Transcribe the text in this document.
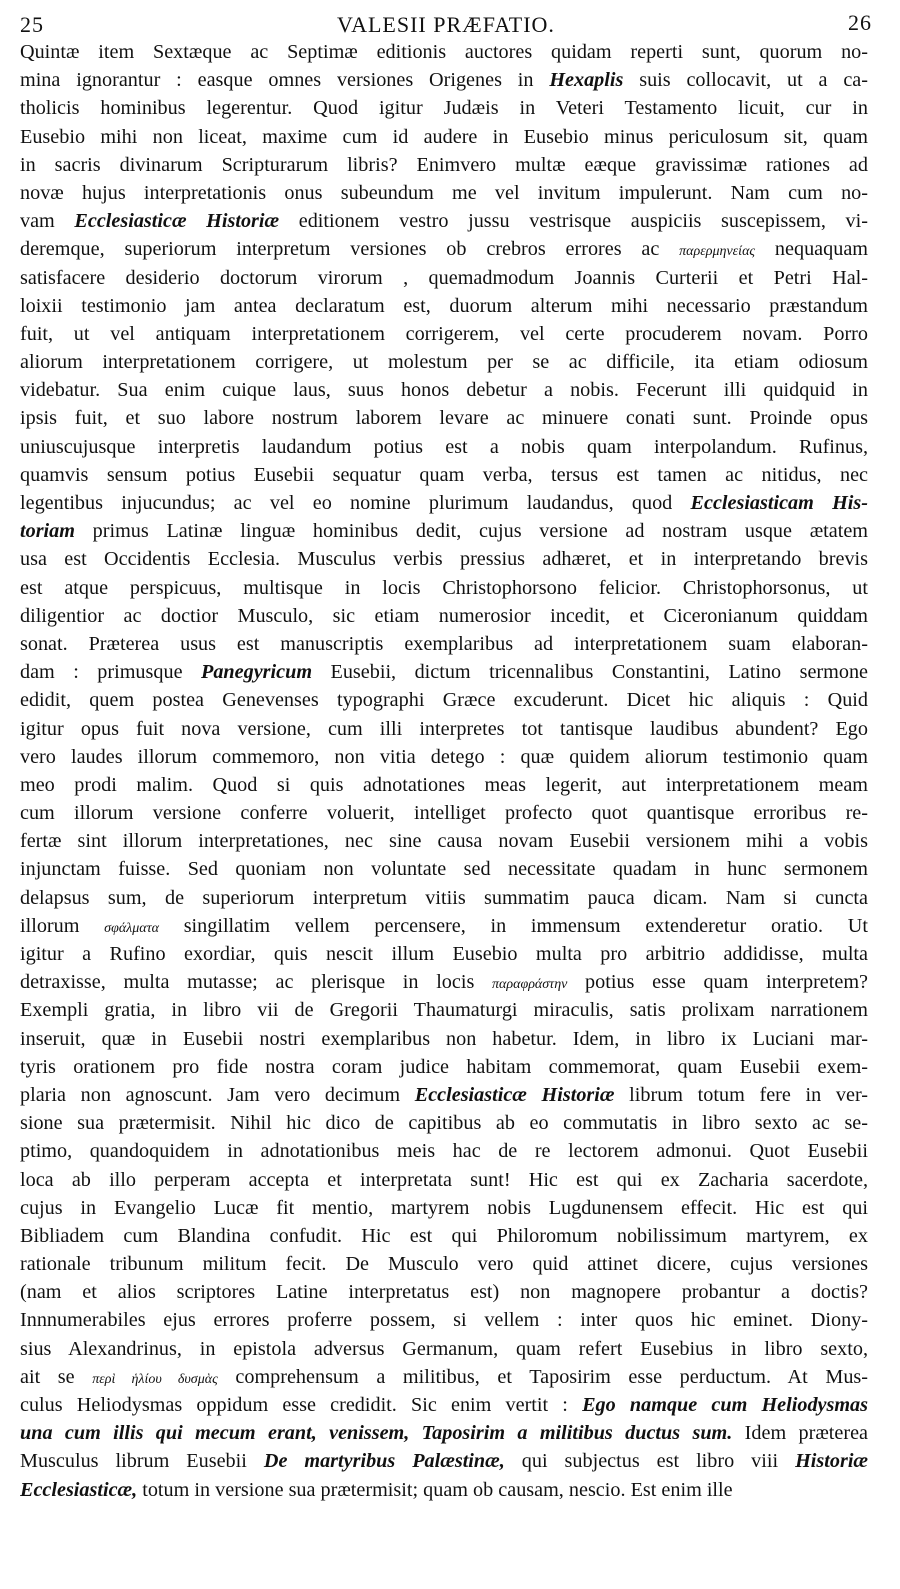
25	VALESII PRÆFATIO.	26
Quintæ item Sextæque ac Septimæ editionis auctores quidam reperti sunt, quorum no-
mina ignorantur : easque omnes versiones Origenes in Hexaplis suis collocavit, ut a ca-
tholicis hominibus legerentur. Quod igitur Judæis in Veteri Testamento licuit, cur in
Eusebio mihi non liceat, maxime cum id audere in Eusebio minus periculosum sit, quam
in sacris divinarum Scripturarum libris? Enimvero multæ eæque gravissimæ rationes ad
novæ hujus interpretationis onus subeundum me vel invitum impulerunt. Nam cum no-
vam Ecclesiasticæ Historiæ editionem vestro jussu vestrisque auspiciis suscepissem, vi-
deremque, superiorum interpretum versiones ob crebros errores ac παρερμηνείας nequaquam
satisfacere desiderio doctorum virorum , quemadmodum Joannis Curterii et Petri Hal-
loixii testimonio jam antea declaratum est, duorum alterum mihi necessario præstandum
fuit, ut vel antiquam interpretationem corrigerem, vel certe procuderem novam. Porro
aliorum interpretationem corrigere, ut molestum per se ac difficile, ita etiam odiosum
videbatur. Sua enim cuique laus, suus honos debetur a nobis. Fecerunt illi quidquid in
ipsis fuit, et suo labore nostrum laborem levare ac minuere conati sunt. Proinde opus
uniuscujusque interpretis laudandum potius est a nobis quam interpolandum. Rufinus,
quamvis sensum potius Eusebii sequatur quam verba, tersus est tamen ac nitidus, nec
legentibus injucundus; ac vel eo nomine plurimum laudandus, quod Ecclesiasticam His-
toriam primus Latinæ linguæ hominibus dedit, cujus versione ad nostram usque ætatem
usa est Occidentis Ecclesia. Musculus verbis pressius adhæret, et in interpretando brevis
est atque perspicuus, multisque in locis Christophorsono felicior. Christophorsonus, ut
diligentior ac doctior Musculo, sic etiam numerosior incedit, et Ciceronianum quiddam
sonat. Præterea usus est manuscriptis exemplaribus ad interpretationem suam elaboran-
dam : primusque Panegyricum Eusebii, dictum tricennalibus Constantini, Latino sermone
edidit, quem postea Genevenses typographi Græce excuderunt. Dicet hic aliquis : Quid
igitur opus fuit nova versione, cum illi interpretes tot tantisque laudibus abundent? Ego
vero laudes illorum commemoro, non vitia detego : quæ quidem aliorum testimonio quam
meo prodi malim. Quod si quis adnotationes meas legerit, aut interpretationem meam
cum illorum versione conferre voluerit, intelliget profecto quot quantisque erroribus re-
fertæ sint illorum interpretationes, nec sine causa novam Eusebii versionem mihi a vobis
injunctam fuisse. Sed quoniam non voluntate sed necessitate quadam in hunc sermonem
delapsus sum, de superiorum interpretum vitiis summatim pauca dicam. Nam si cuncta
illorum σφάλματα singillatim vellem percensere, in immensum extenderetur oratio. Ut
igitur a Rufino exordiar, quis nescit illum Eusebio multa pro arbitrio addidisse, multa
detraxisse, multa mutasse; ac plerisque in locis παραφράστην potius esse quam interpretem?
Exempli gratia, in libro vii de Gregorii Thaumaturgi miraculis, satis prolixam narrationem
inseruit, quæ in Eusebii nostri exemplaribus non habetur. Idem, in libro ix Luciani mar-
tyris orationem pro fide nostra coram judice habitam commemorat, quam Eusebii exem-
plaria non agnoscunt. Jam vero decimum Ecclesiasticæ Historiæ librum totum fere in ver-
sione sua prætermisit. Nihil hic dico de capitibus ab eo commutatis in libro sexto ac se-
ptimo, quandoquidem in adnotationibus meis hac de re lectorem admonui. Quot Eusebii
loca ab illo perperam accepta et interpretata sunt! Hic est qui ex Zacharia sacerdote,
cujus in Evangelio Lucæ fit mentio, martyrem nobis Lugdunensem effecit. Hic est qui
Bibliadem cum Blandina confudit. Hic est qui Philoromum nobilissimum martyrem, ex
rationale tribunum militum fecit. De Musculo vero quid attinet dicere, cujus versiones
(nam et alios scriptores Latine interpretatus est) non magnopere probantur a doctis?
Innnumerabiles ejus errores proferre possem, si vellem : inter quos hic eminet. Diony-
sius Alexandrinus, in epistola adversus Germanum, quam refert Eusebius in libro sexto,
ait se περὶ ἡλίου δυσμὰς comprehensum a militibus, et Taposirim esse perductum. At Mus-
culus Heliodysmas oppidum esse credidit. Sic enim vertit : Ego namque cum Heliodysmas
una cum illis qui mecum erant, venissem, Taposirim a militibus ductus sum. Idem præterea
Musculus librum Eusebii De martyribus Palæstinæ, qui subjectus est libro viii Historiæ
Ecclesiasticæ, totum in versione sua prætermisit; quam ob causam, nescio. Est enim ille
